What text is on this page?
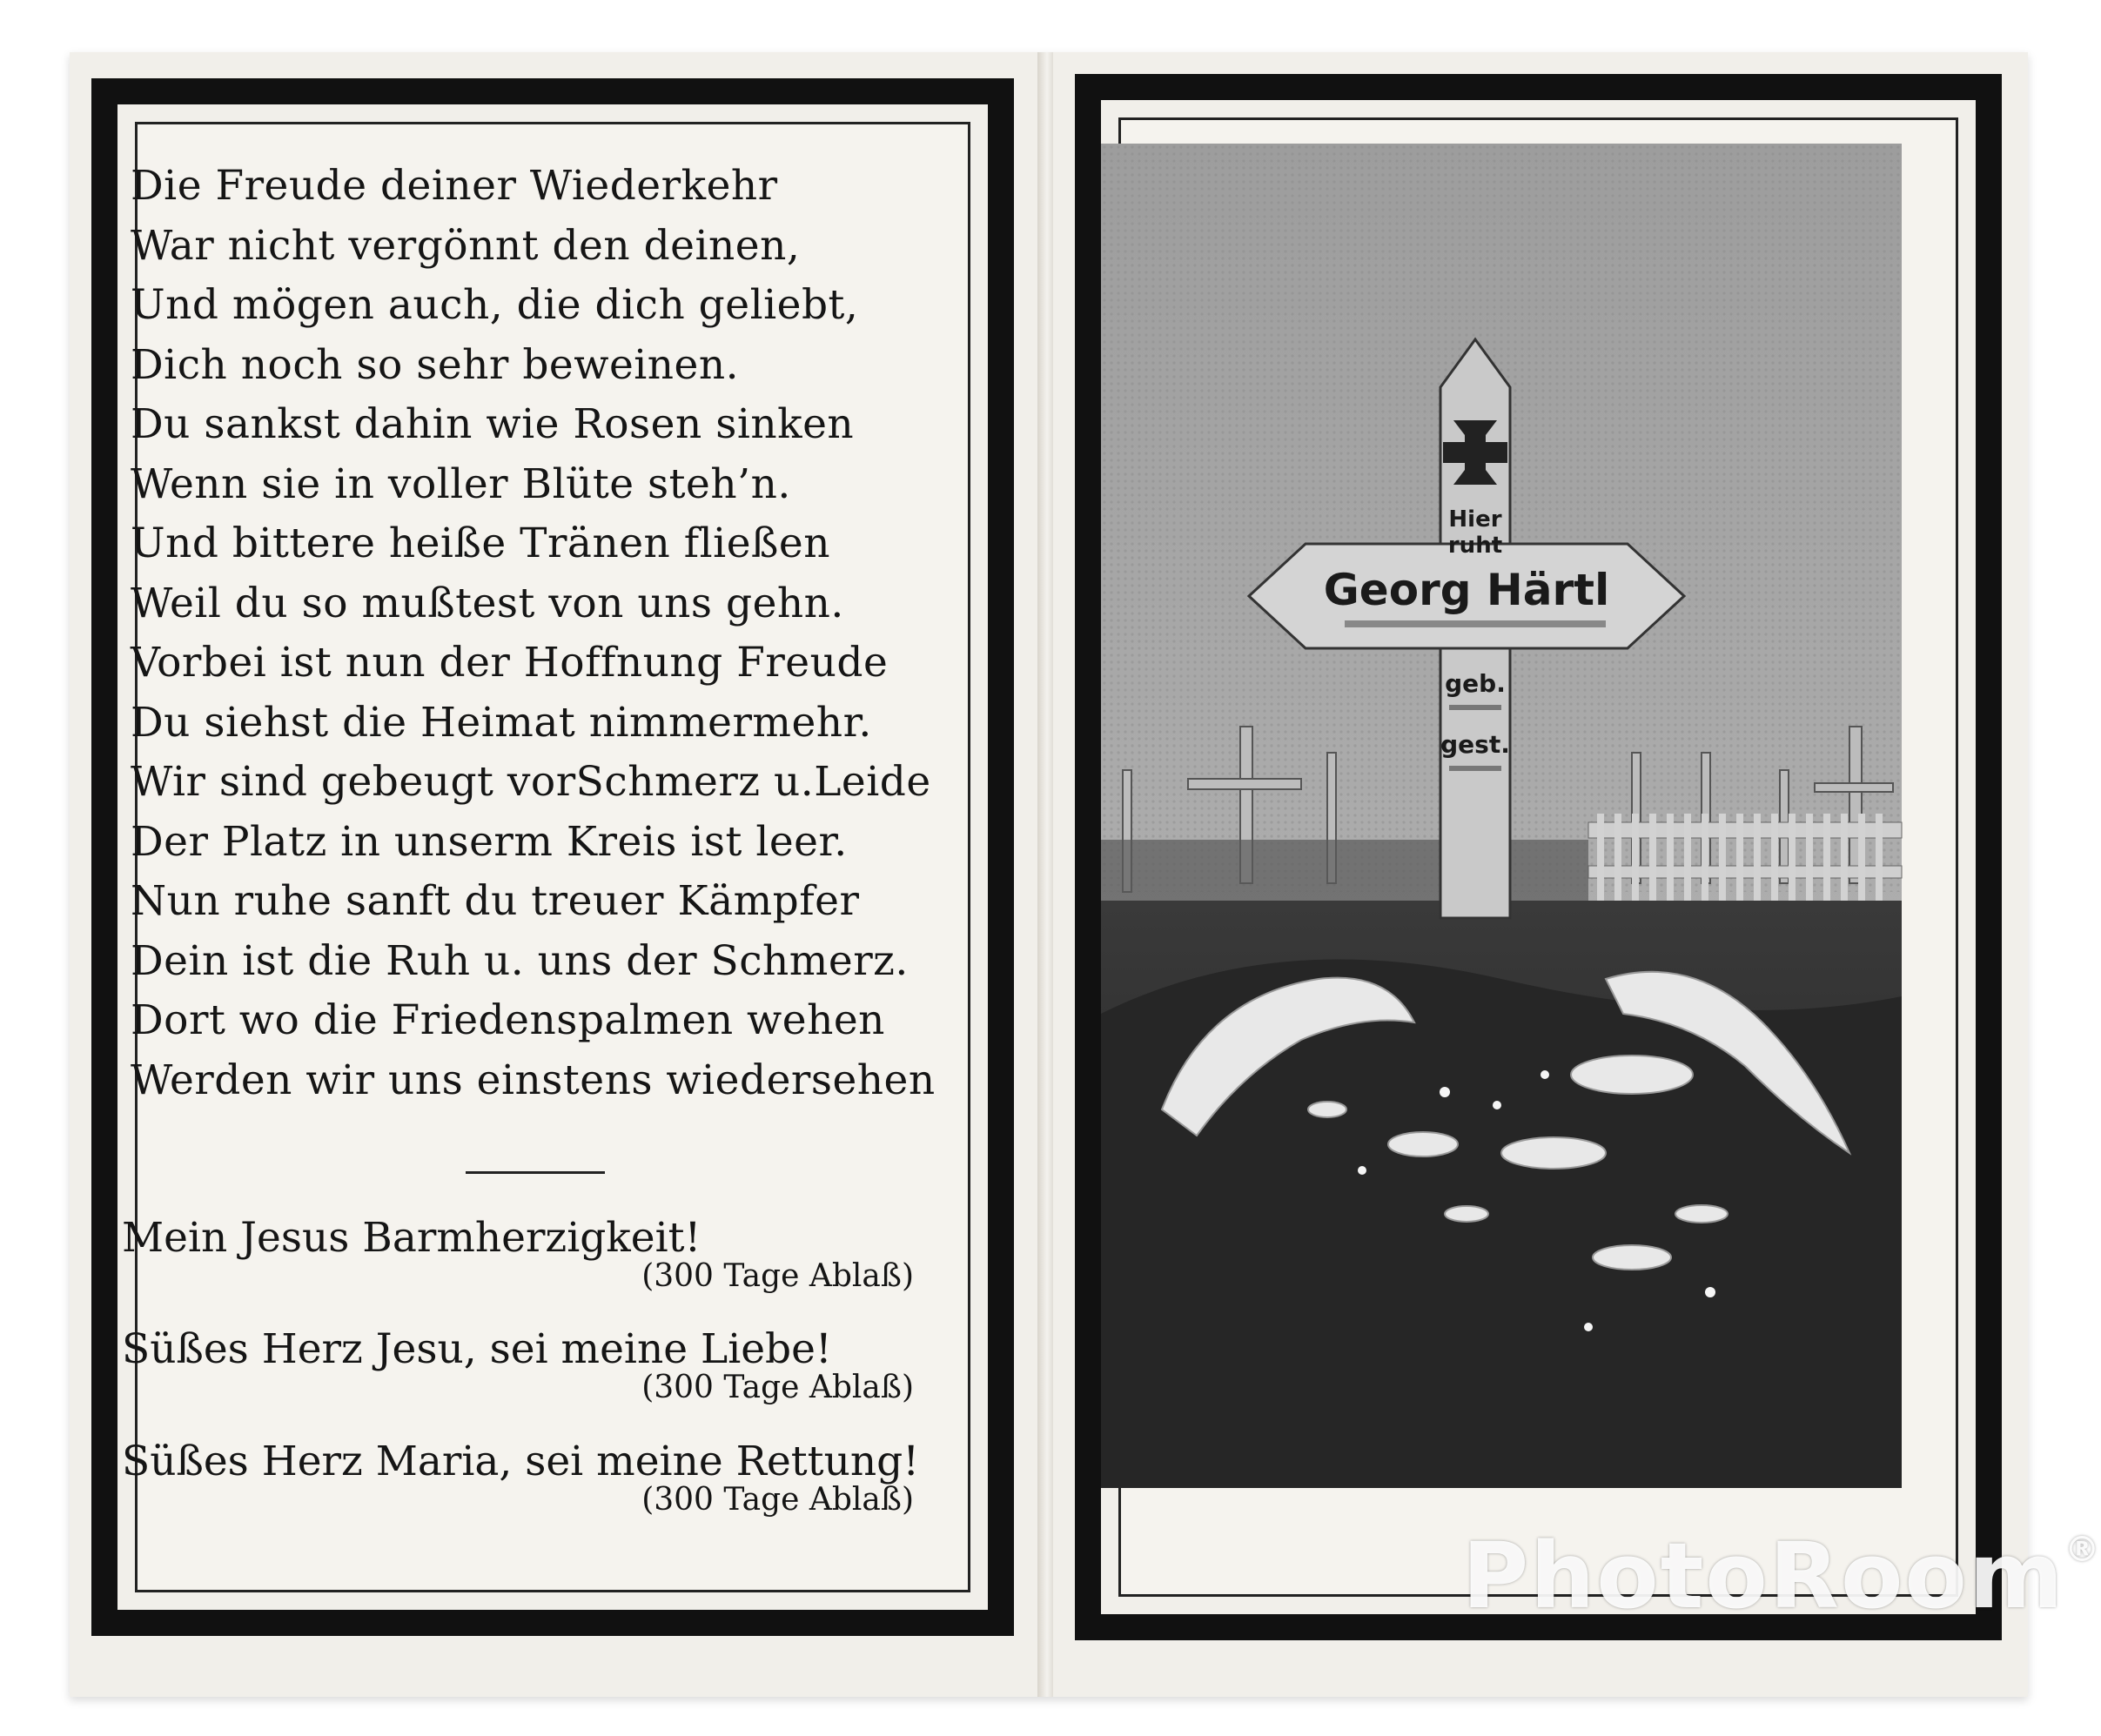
Die Freude deiner Wiederkehr
War nicht vergönnt den deinen,
Und mögen auch, die dich geliebt,
Dich noch so sehr beweinen.
Du sankst dahin wie Rosen sinken
Wenn sie in voller Blüte steh’n.
Und bittere heiße Tränen fließen
Weil du so mußtest von uns gehn.
Vorbei ist nun der Hoffnung Freude
Du siehst die Heimat nimmermehr.
Wir sind gebeugt vorSchmerz u.Leide
Der Platz in unserm Kreis ist leer.
Nun ruhe sanft du treuer Kämpfer
Dein ist die Ruh u. uns der Schmerz.
Dort wo die Friedenspalmen wehen
Werden wir uns einstens wiedersehen
Mein Jesus Barmherzigkeit!
(300 Tage Ablaß)
Süßes Herz Jesu, sei meine Liebe!
(300 Tage Ablaß)
Süßes Herz Maria, sei meine Rettung!
(300 Tage Ablaß)
Hier
ruht
Georg Härtl
geb.
gest.
PhotoRoom®
